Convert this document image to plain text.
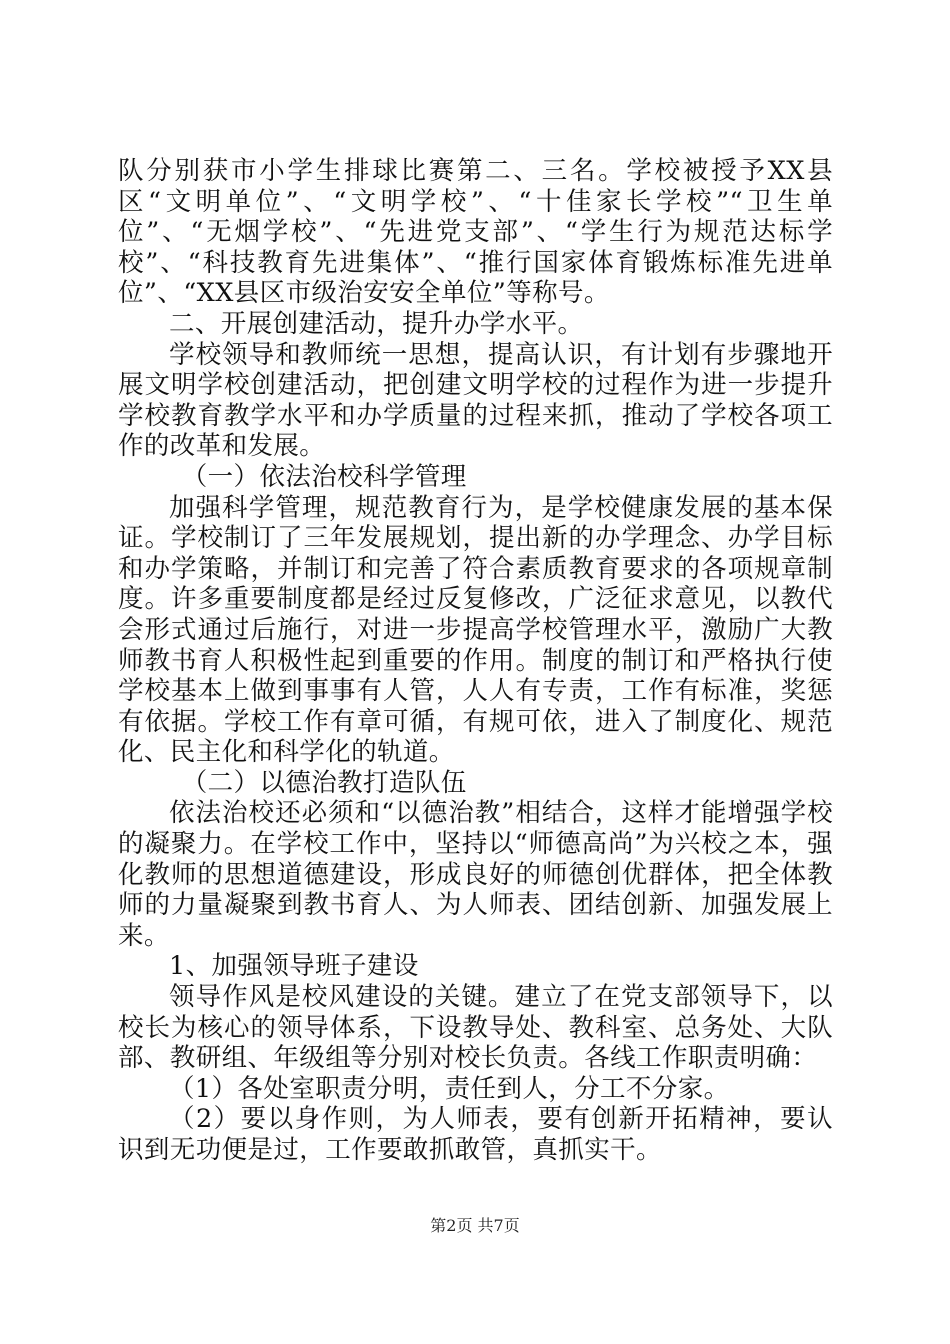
队分别获市小学生排球比赛第二、三名。学校被授予XX县区“文明单位”、“文明学校”、“十佳家长学校”“卫生单位”、“无烟学校”、“先进党支部”、“学生行为规范达标学校”、“科技教育先进集体”、“推行国家体育锻炼标准先进单位”、“XX县区市级治安安全单位”等称号。

二、开展创建活动，提升办学水平。

学校领导和教师统一思想，提高认识，有计划有步骤地开展文明学校创建活动，把创建文明学校的过程作为进一步提升学校教育教学水平和办学质量的过程来抓，推动了学校各项工作的改革和发展。

（一）依法治校科学管理

加强科学管理，规范教育行为，是学校健康发展的基本保证。学校制订了三年发展规划，提出新的办学理念、办学目标和办学策略，并制订和完善了符合素质教育要求的各项规章制度。许多重要制度都是经过反复修改，广泛征求意见，以教代会形式通过后施行，对进一步提高学校管理水平，激励广大教师教书育人积极性起到重要的作用。制度的制订和严格执行使学校基本上做到事事有人管，人人有专责，工作有标准，奖惩有依据。学校工作有章可循，有规可依，进入了制度化、规范化、民主化和科学化的轨道。

（二）以德治教打造队伍

依法治校还必须和“以德治教”相结合，这样才能增强学校的凝聚力。在学校工作中，坚持以“师德高尚”为兴校之本，强化教师的思想道德建设，形成良好的师德创优群体，把全体教师的力量凝聚到教书育人、为人师表、团结创新、加强发展上来。

1、加强领导班子建设

领导作风是校风建设的关键。建立了在党支部领导下，以校长为核心的领导体系，下设教导处、教科室、总务处、大队部、教研组、年级组等分别对校长负责。各线工作职责明确：

（1）各处室职责分明，责任到人，分工不分家。

（2）要以身作则，为人师表，要有创新开拓精神，要认识到无功便是过，工作要敢抓敢管，真抓实干。

第2页 共7页
